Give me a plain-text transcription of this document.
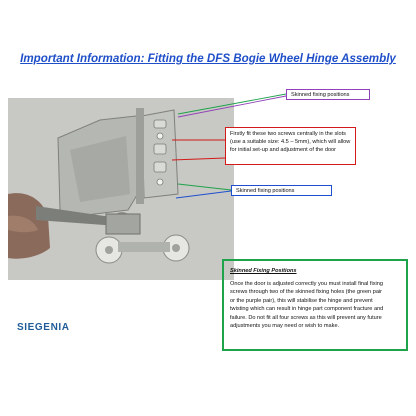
Important Information: Fitting the DFS Bogie Wheel Hinge Assembly
Skinned fixing positions
Firstly fit these two screws centrally in the slots
(use a suitable size: 4.5 – 5mm), which will allow
for initial set-up and adjustment of the door
Skinned fixing positions
SIEGENIA
Skinned Fixing Positions
Once the door is adjusted correctly you must install final fixing
screws through two of the skinned fixing holes (the green pair
or the purple pair), this will stabilise the hinge and prevent
twisting which can result in hinge part component fracture and
failure. Do not fit all four screws as this will prevent any future
adjustments you may need or wish to make.
